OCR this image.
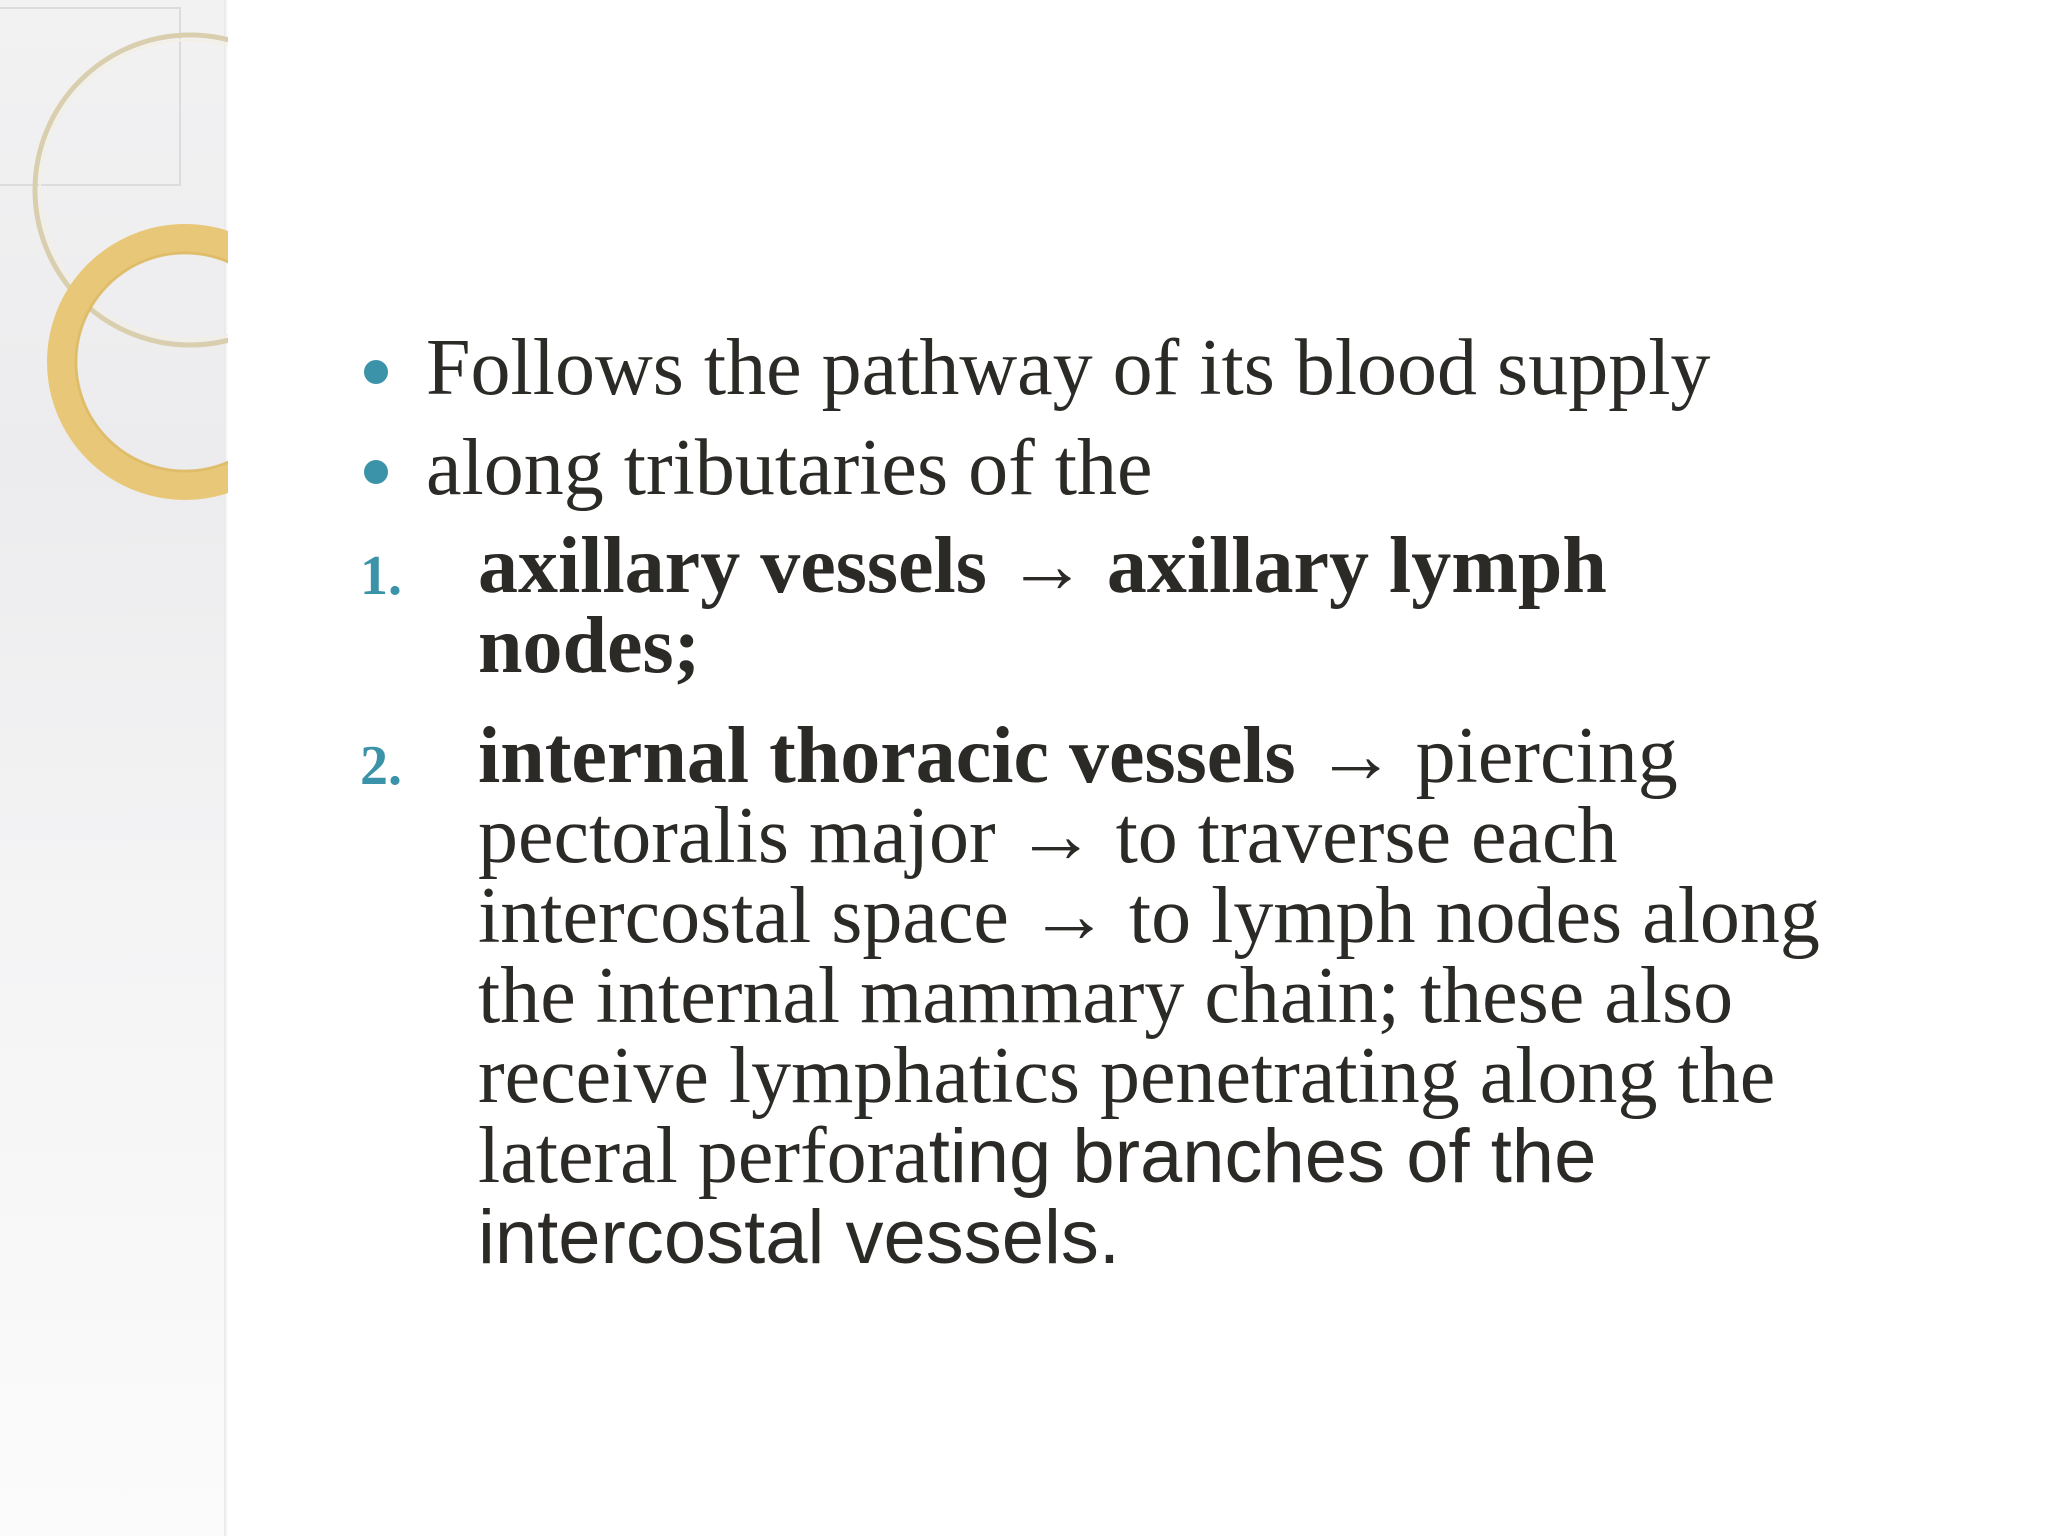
Follows the pathway of its blood supply
along tributaries of the
1. axillary vessels → axillary lymph
nodes;
2. internal thoracic vessels → piercing
pectoralis major → to traverse each
intercostal space → to lymph nodes along
the internal mammary chain; these also
receive lymphatics penetrating along the
lateral perforating branches of the
intercostal vessels.
